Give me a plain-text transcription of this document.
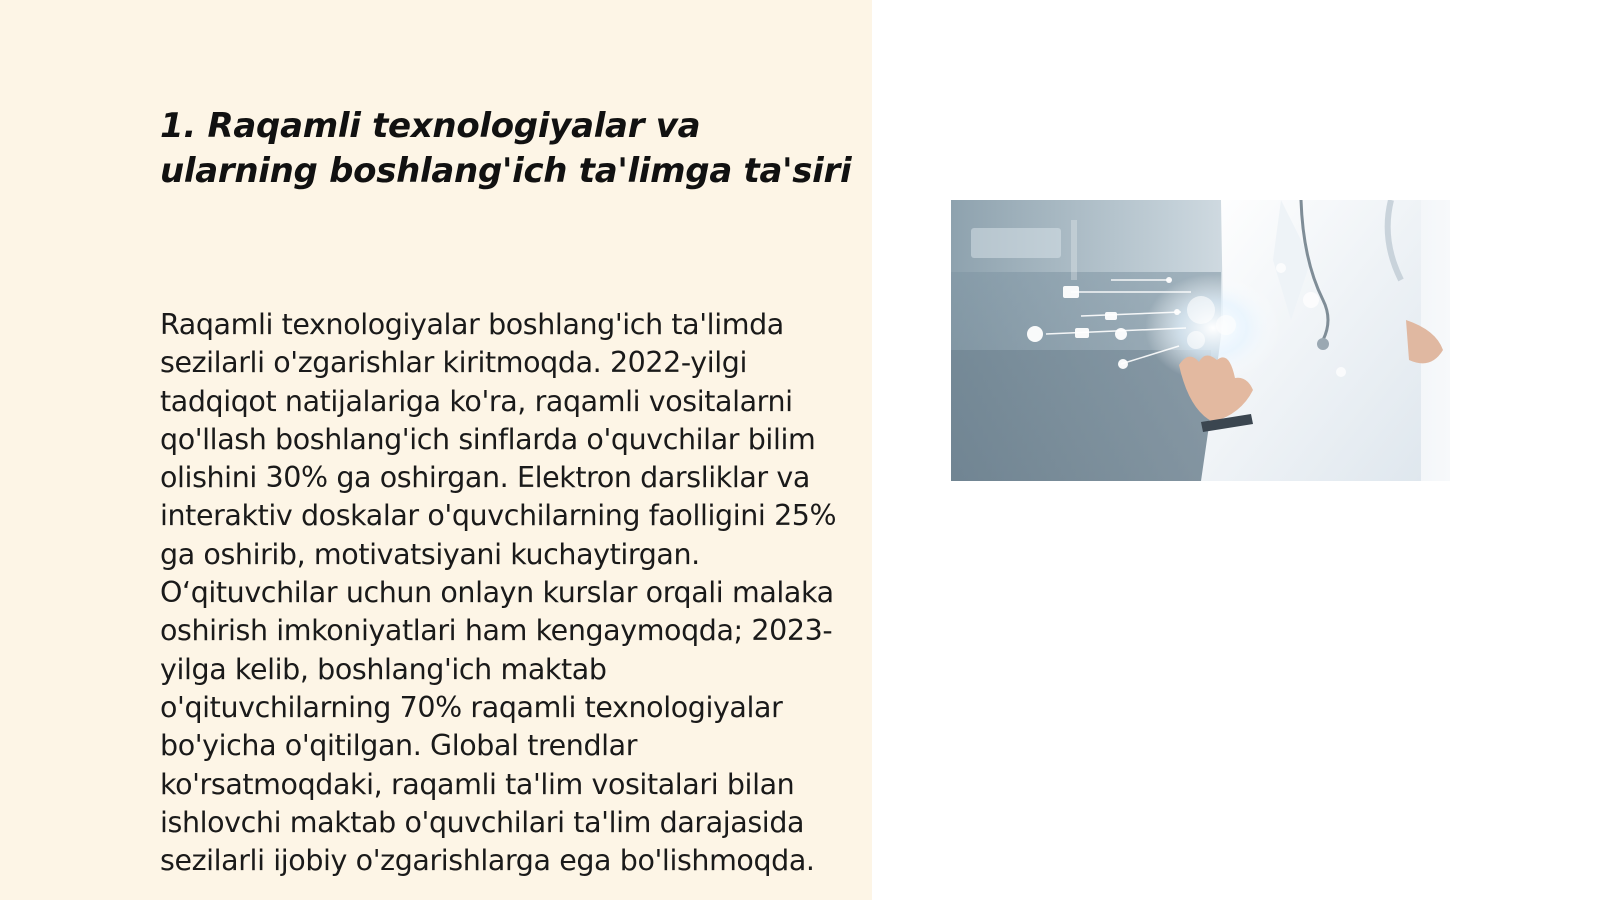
1. Raqamli texnologiyalar va ularning boshlang'ich ta'limga ta'siri

Raqamli texnologiyalar boshlang'ich ta'limda sezilarli o'zgarishlar kiritmoqda. 2022-yilgi tadqiqot natijalariga ko'ra, raqamli vositalarni qo'llash boshlang'ich sinflarda o'quvchilar bilim olishini 30% ga oshirgan. Elektron darsliklar va interaktiv doskalar o'quvchilarning faolligini 25% ga oshirib, motivatsiyani kuchaytirgan. O‘qituvchilar uchun onlayn kurslar orqali malaka oshirish imkoniyatlari ham kengaymoqda; 2023-yilga kelib, boshlang'ich maktab o'qituvchilarning 70% raqamli texnologiyalar bo'yicha o'qitilgan. Global trendlar ko'rsatmoqdaki, raqamli ta'lim vositalari bilan ishlovchi maktab o'quvchilari ta'lim darajasida sezilarli ijobiy o'zgarishlarga ega bo'lishmoqda.
